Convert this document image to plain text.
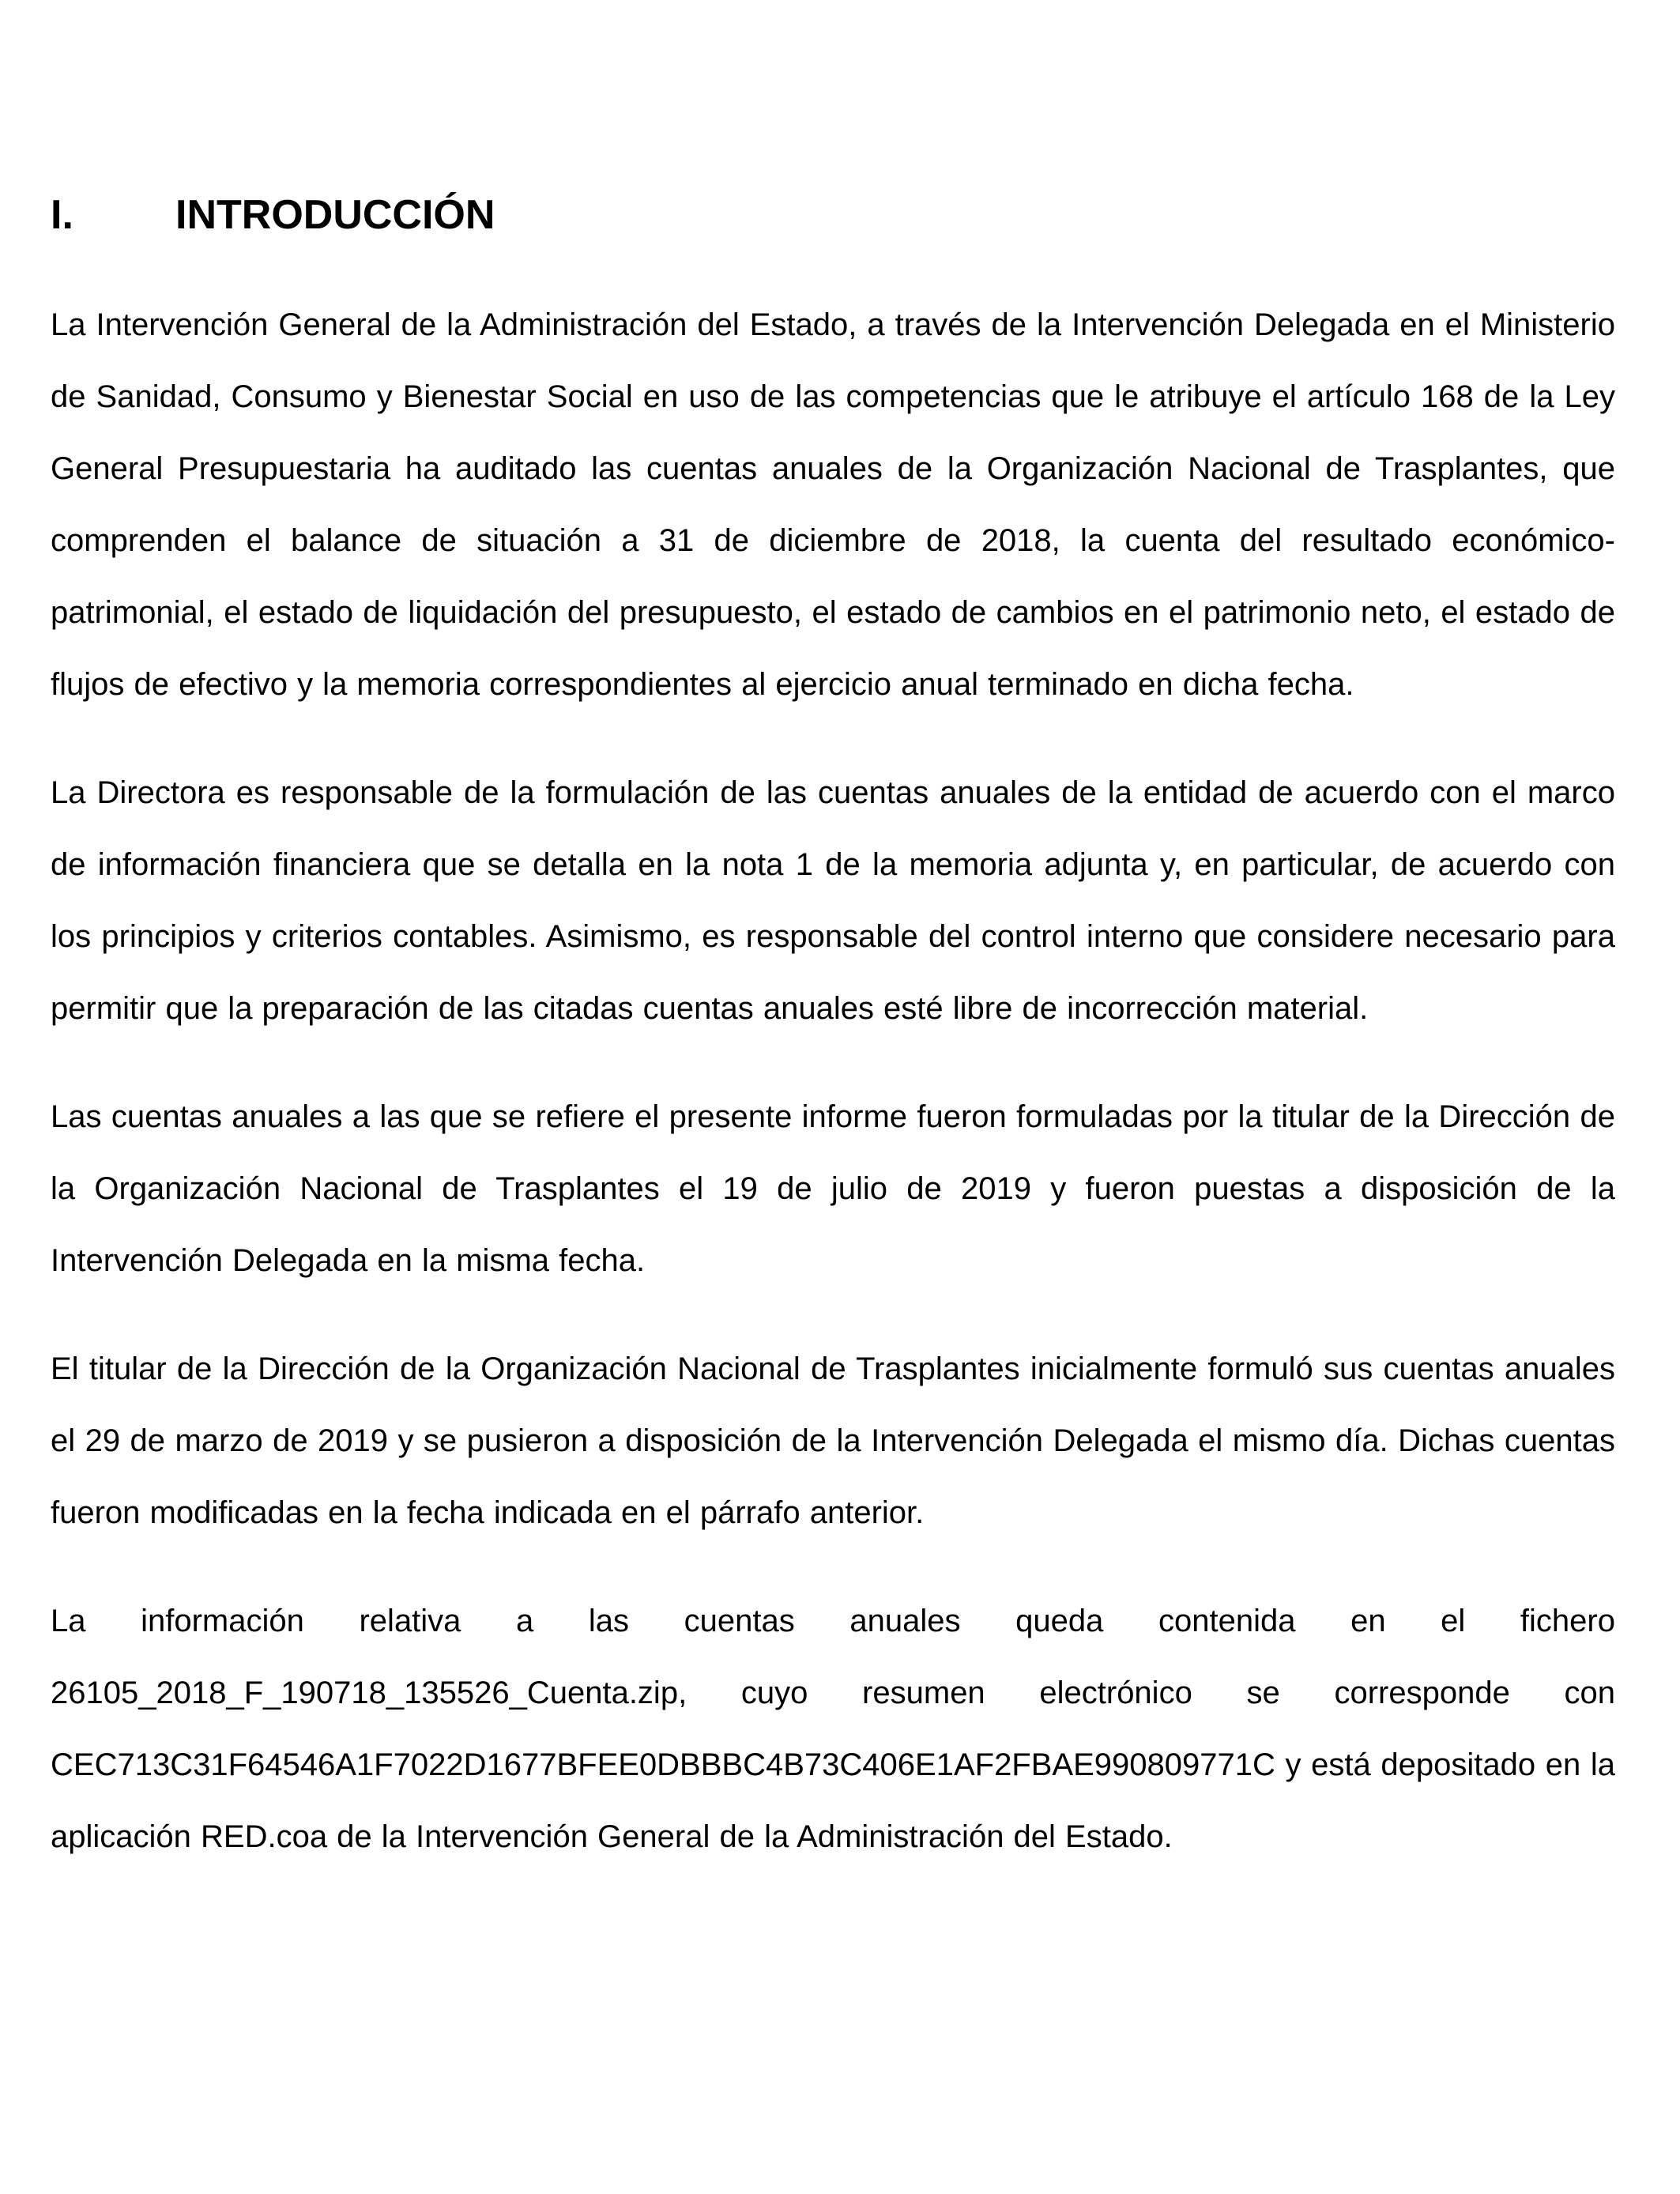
I.	INTRODUCCIÓN

La Intervención General de la Administración del Estado, a través de la Intervención Delegada en el Ministerio de Sanidad, Consumo y Bienestar Social en uso de las competencias que le atribuye el artículo 168 de la Ley General Presupuestaria ha auditado las cuentas anuales de la Organización Nacional de Trasplantes, que comprenden el balance de situación a 31 de diciembre de 2018, la cuenta del resultado económico-patrimonial, el estado de liquidación del presupuesto, el estado de cambios en el patrimonio neto, el estado de flujos de efectivo y la memoria correspondientes al ejercicio anual terminado en dicha fecha.

La Directora es responsable de la formulación de las cuentas anuales de la entidad de acuerdo con el marco de información financiera que se detalla en la nota 1 de la memoria adjunta y, en particular, de acuerdo con los principios y criterios contables. Asimismo, es responsable del control interno que considere necesario para permitir que la preparación de las citadas cuentas anuales esté libre de incorrección material.

Las cuentas anuales a las que se refiere el presente informe fueron formuladas por la titular de la Dirección de la Organización Nacional de Trasplantes el 19 de julio de 2019 y fueron puestas a disposición de la Intervención Delegada en la misma fecha.

El titular de la Dirección de la Organización Nacional de Trasplantes inicialmente formuló sus cuentas anuales el 29 de marzo de 2019 y se pusieron a disposición de la Intervención Delegada el mismo día. Dichas cuentas fueron modificadas en la fecha indicada en el párrafo anterior.

La información relativa a las cuentas anuales queda contenida en el fichero 26105_2018_F_190718_135526_Cuenta.zip, cuyo resumen electrónico se corresponde con CEC713C31F64546A1F7022D1677BFEE0DBBBC4B73C406E1AF2FBAE990809771C y está depositado en la aplicación RED.coa de la Intervención General de la Administración del Estado.
